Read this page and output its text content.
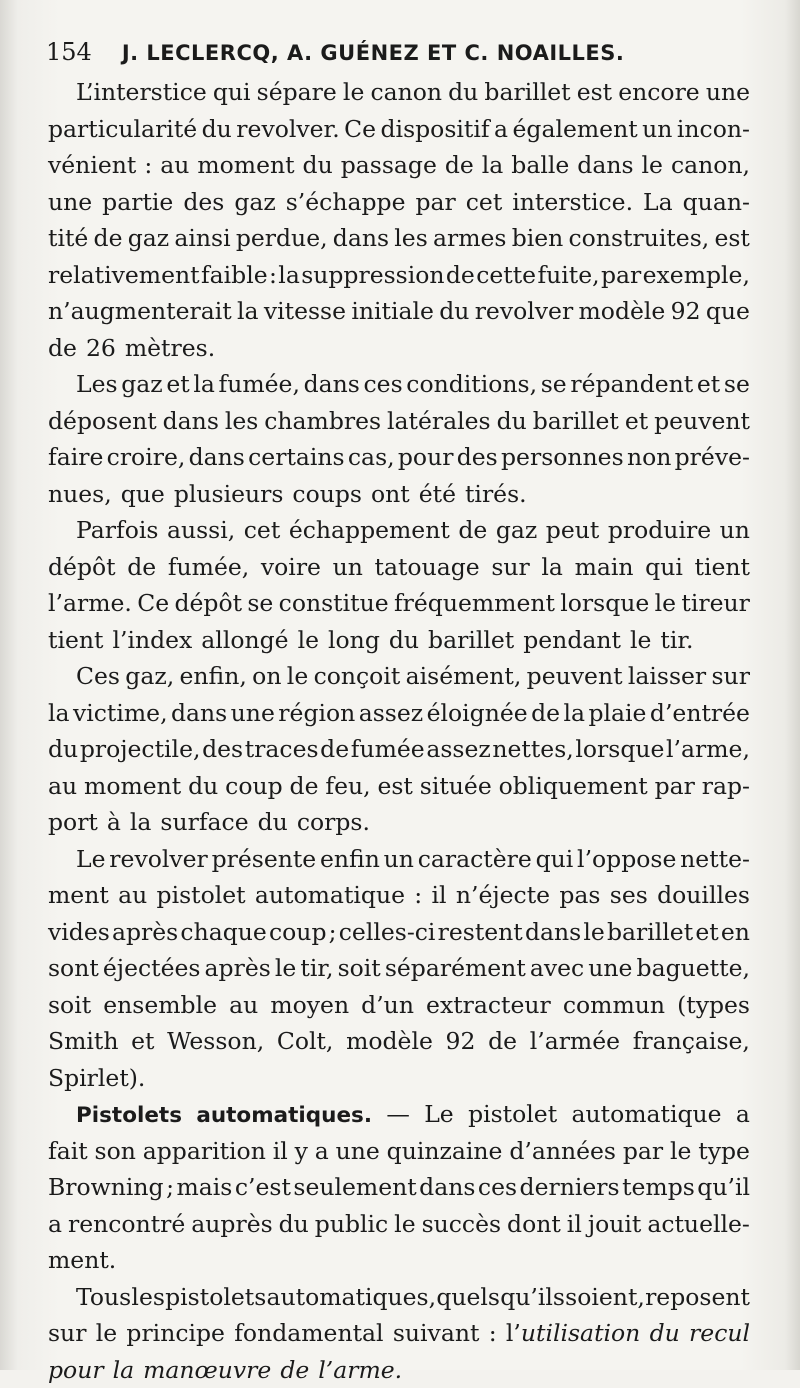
154 J. LECLERCQ, A. GUÉNEZ ET C. NOAILLES.
L’interstice qui sépare le canon du barillet est encore une
particularité du revolver. Ce dispositif a également un incon-
vénient : au moment du passage de la balle dans le canon,
une partie des gaz s’échappe par cet interstice. La quan-
tité de gaz ainsi perdue, dans les armes bien construites, est
relativement faible : la suppression de cette fuite, par exemple,
n’augmenterait la vitesse initiale du revolver modèle 92 que
de 26 mètres.
Les gaz et la fumée, dans ces conditions, se répandent et se
déposent dans les chambres latérales du barillet et peuvent
faire croire, dans certains cas, pour des personnes non préve-
nues, que plusieurs coups ont été tirés.
Parfois aussi, cet échappement de gaz peut produire un
dépôt de fumée, voire un tatouage sur la main qui tient
l’arme. Ce dépôt se constitue fréquemment lorsque le tireur
tient l’index allongé le long du barillet pendant le tir.
Ces gaz, enfin, on le conçoit aisément, peuvent laisser sur
la victime, dans une région assez éloignée de la plaie d’entrée
du projectile, des traces de fumée assez nettes, lorsque l’arme,
au moment du coup de feu, est située obliquement par rap-
port à la surface du corps.
Le revolver présente enfin un caractère qui l’oppose nette-
ment au pistolet automatique : il n’éjecte pas ses douilles
vides après chaque coup ; celles-ci restent dans le barillet et en
sont éjectées après le tir, soit séparément avec une baguette,
soit ensemble au moyen d’un extracteur commun (types
Smith et Wesson, Colt, modèle 92 de l’armée française,
Spirlet).
Pistolets automatiques. — Le pistolet automatique a
fait son apparition il y a une quinzaine d’années par le type
Browning ; mais c’est seulement dans ces derniers temps qu’il
a rencontré auprès du public le succès dont il jouit actuelle-
ment.
Tous les pistolets automatiques, quels qu’ils soient, reposent
sur le principe fondamental suivant : l’utilisation du recul
pour la manœuvre de l’arme.
